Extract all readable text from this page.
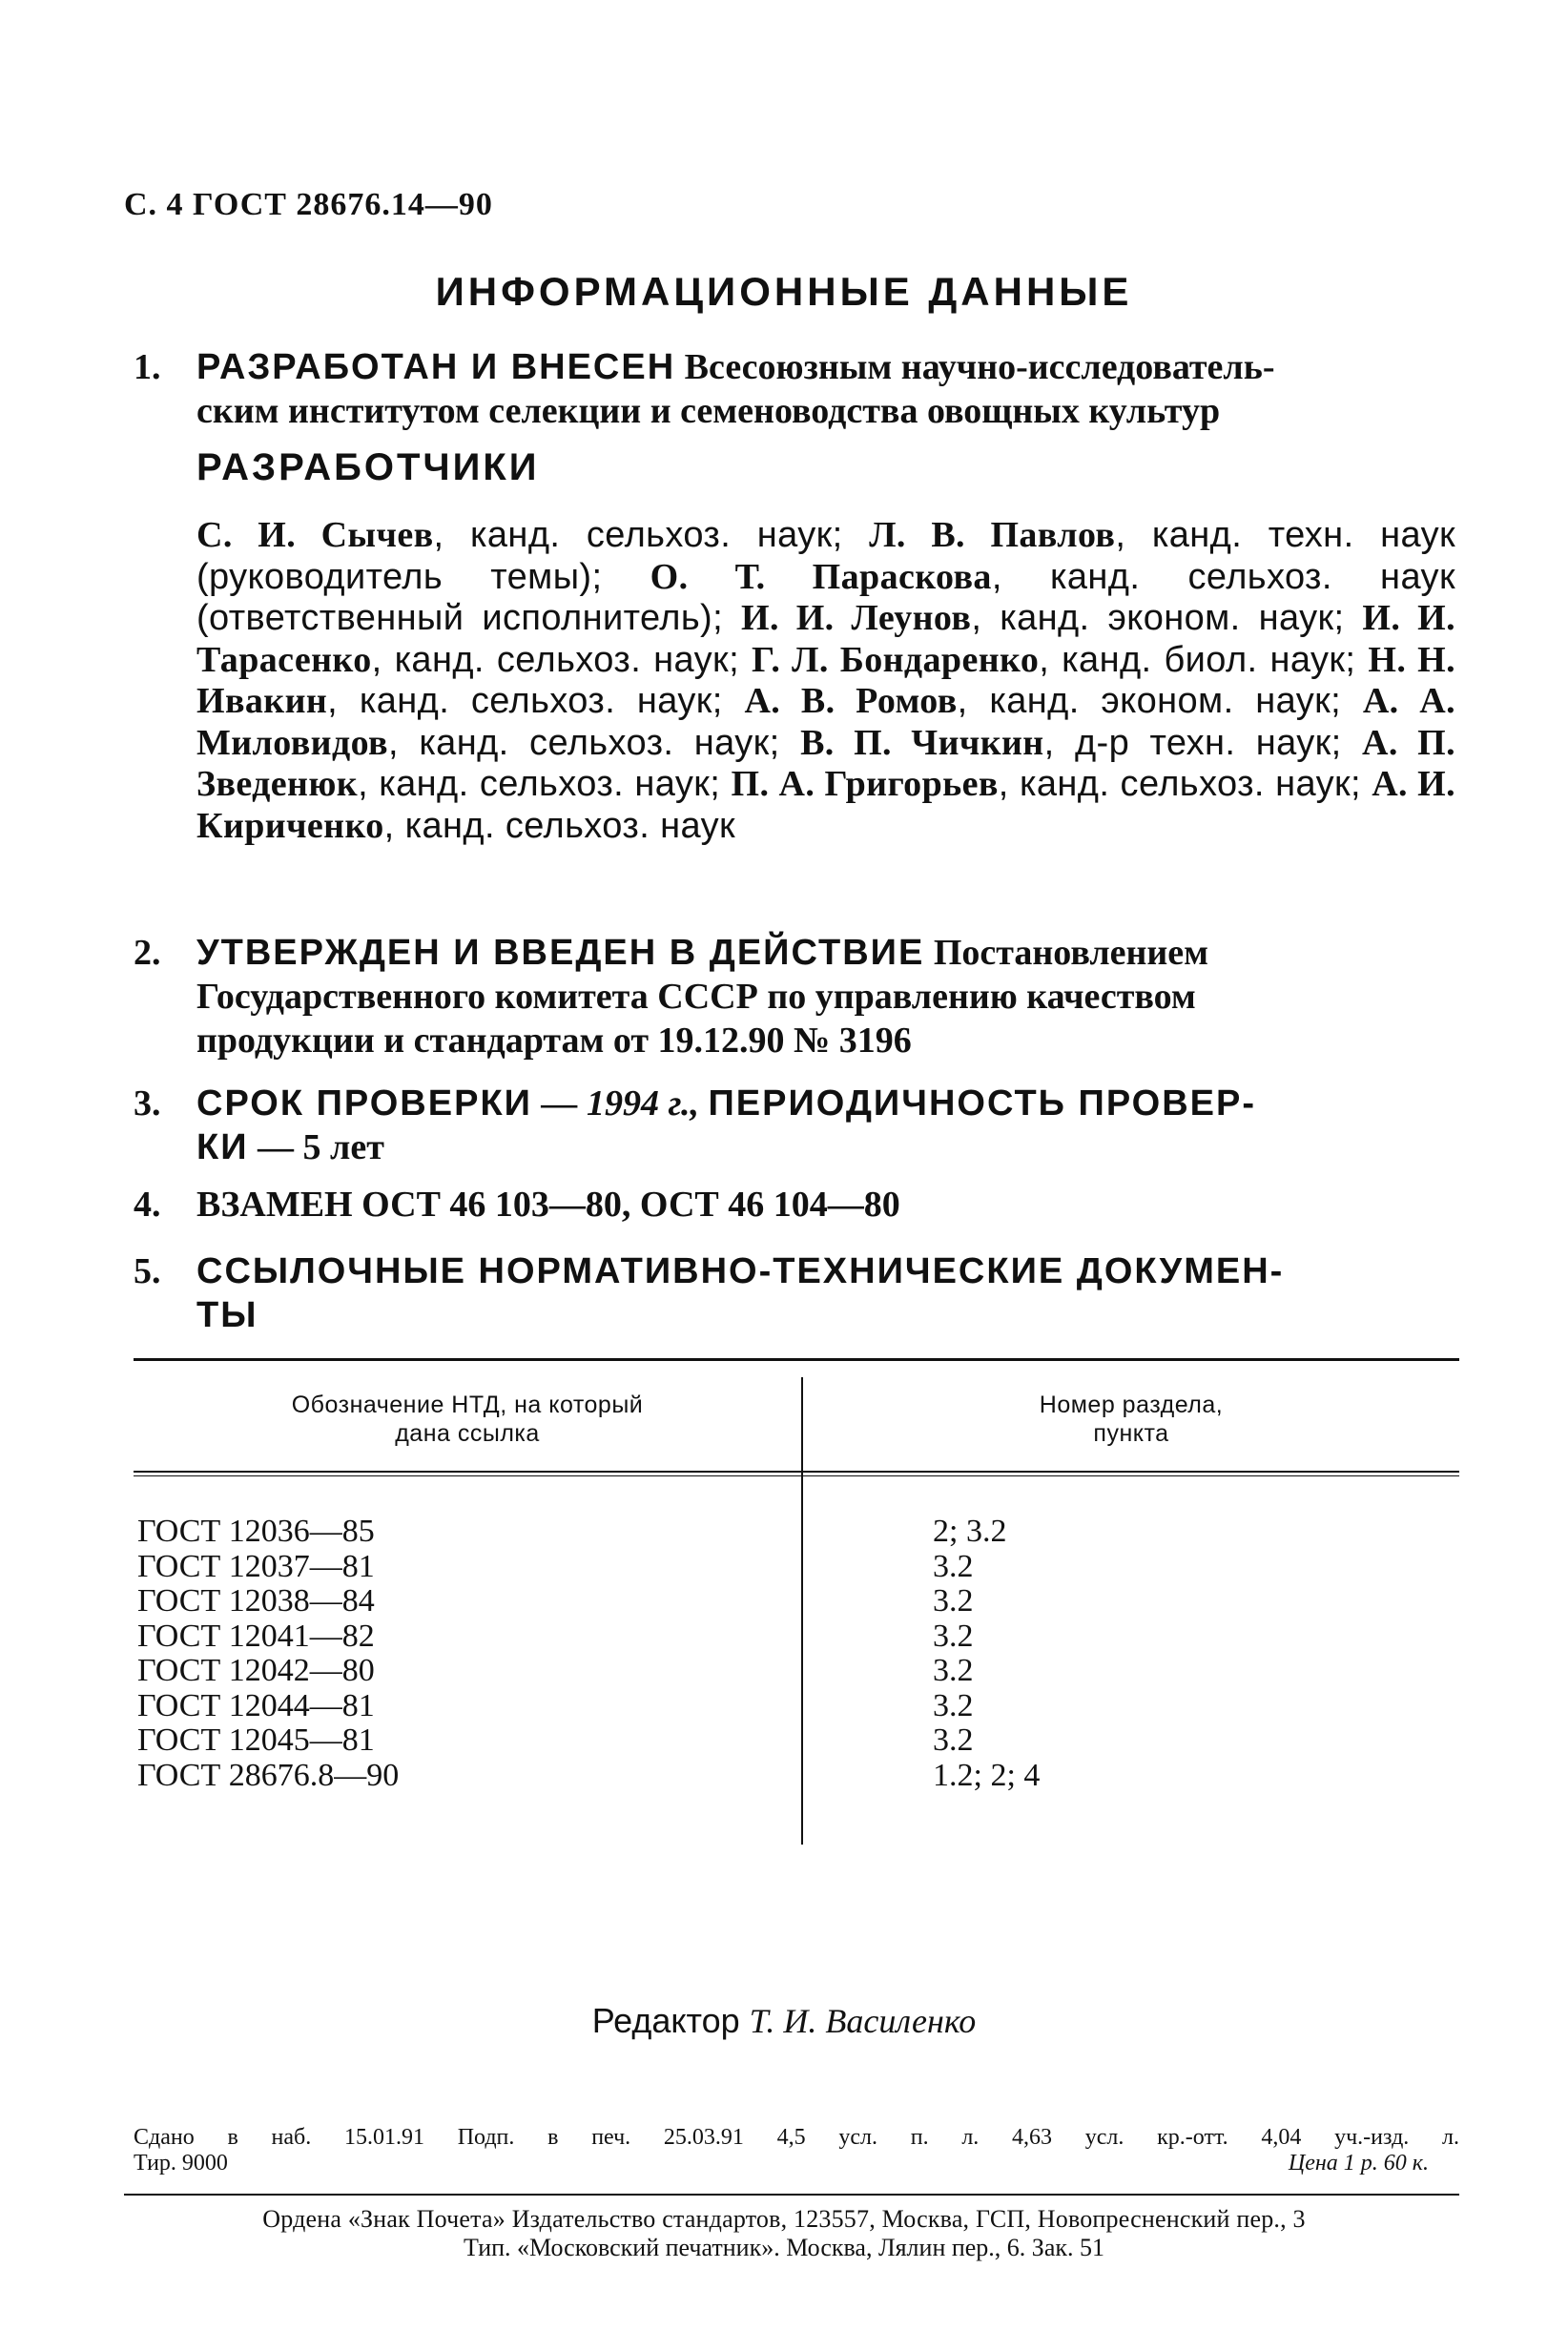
С. 4 ГОСТ 28676.14—90
ИНФОРМАЦИОННЫЕ ДАННЫЕ
1. РАЗРАБОТАН И ВНЕСЕН Всесоюзным научно-исследователь-
ским институтом селекции и семеноводства овощных культур
РАЗРАБОТЧИКИ
С. И. Сычев, канд. сельхоз. наук; Л. В. Павлов, канд. техн. наук (руководитель темы); О. Т. Параскова, канд. сельхоз. наук (ответственный исполнитель); И. И. Леунов, канд. эконом. наук; И. И. Тарасенко, канд. сельхоз. наук; Г. Л. Бондаренко, канд. биол. наук; Н. Н. Ивакин, канд. сельхоз. наук; А. В. Ромов, канд. эконом. наук; А. А. Миловидов, канд. сельхоз. наук; В. П. Чичкин, д-р техн. наук; А. П. Зведенюк, канд. сельхоз. наук; П. А. Григорьев, канд. сельхоз. наук; А. И. Кириченко, канд. сельхоз. наук
2. УТВЕРЖДЕН И ВВЕДЕН В ДЕЙСТВИЕ Постановлением
Государственного комитета СССР по управлению качеством
продукции и стандартам от 19.12.90 № 3196
3. СРОК ПРОВЕРКИ — 1994 г., ПЕРИОДИЧНОСТЬ ПРОВЕР-
КИ — 5 лет
4. ВЗАМЕН ОСТ 46 103—80, ОСТ 46 104—80
5. ССЫЛОЧНЫЕ НОРМАТИВНО-ТЕХНИЧЕСКИЕ ДОКУМЕН-
ТЫ
Обозначение НТД, на который
дана ссылка
Номер раздела,
пункта
ГОСТ 12036—85	2; 3.2
ГОСТ 12037—81	3.2
ГОСТ 12038—84	3.2
ГОСТ 12041—82	3.2
ГОСТ 12042—80	3.2
ГОСТ 12044—81	3.2
ГОСТ 12045—81	3.2
ГОСТ 28676.8—90	1.2; 2; 4
Редактор Т. И. Василенко
Сдано в наб. 15.01.91 Подп. в печ. 25.03.91 4,5 усл. п. л. 4,63 усл. кр.-отт. 4,04 уч.-изд. л.
Тир. 9000	Цена 1 р. 60 к.
Ордена «Знак Почета» Издательство стандартов, 123557, Москва, ГСП, Новопресненский пер., 3
Тип. «Московский печатник». Москва, Лялин пер., 6. Зак. 51
